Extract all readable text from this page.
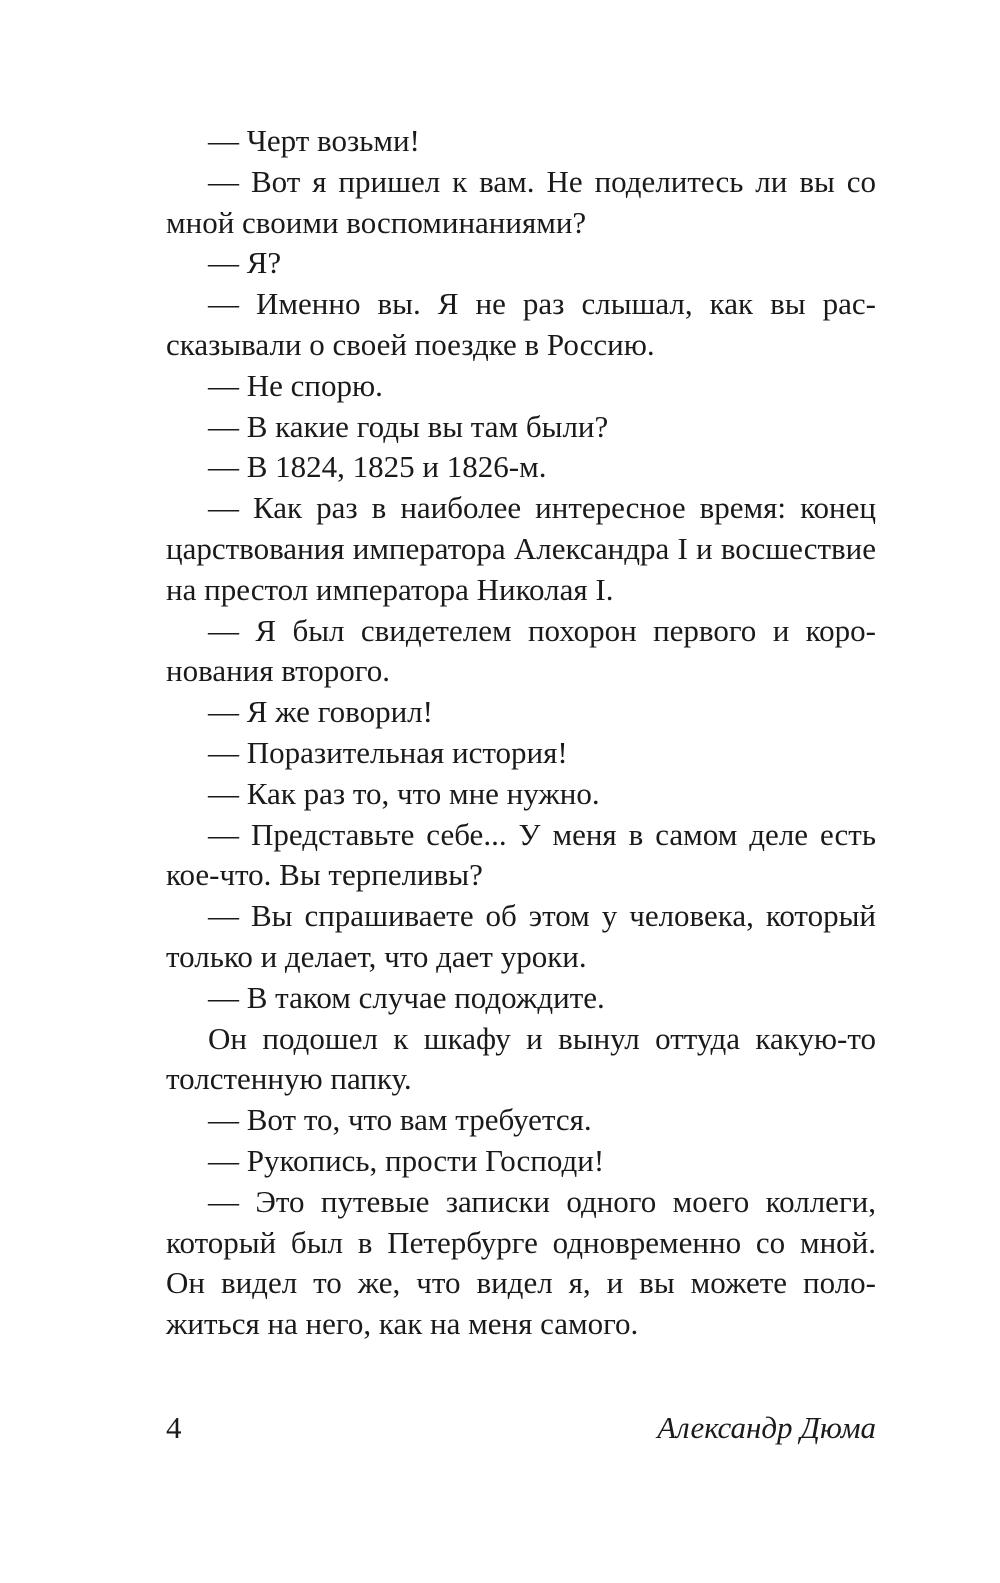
— Черт возьми!

— Вот я пришел к вам. Не поделитесь ли вы со мной своими воспоминаниями?

— Я?

— Именно вы. Я не раз слышал, как вы рассказывали о своей поездке в Россию.

— Не спорю.

— В какие годы вы там были?

— В 1824, 1825 и 1826-м.

— Как раз в наиболее интересное время: конец царствования императора Александра I и восшествие на престол императора Николая I.

— Я был свидетелем похорон первого и коронования второго.

— Я же говорил!

— Поразительная история!

— Как раз то, что мне нужно.

— Представьте себе... У меня в самом деле есть кое-что. Вы терпеливы?

— Вы спрашиваете об этом у человека, который только и делает, что дает уроки.

— В таком случае подождите.

Он подошел к шкафу и вынул оттуда какую-то толстенную папку.

— Вот то, что вам требуется.

— Рукопись, прости Господи!

— Это путевые записки одного моего коллеги, который был в Петербурге одновременно со мной. Он видел то же, что видел я, и вы можете положиться на него, как на меня самого.

4	Александр Дюма
